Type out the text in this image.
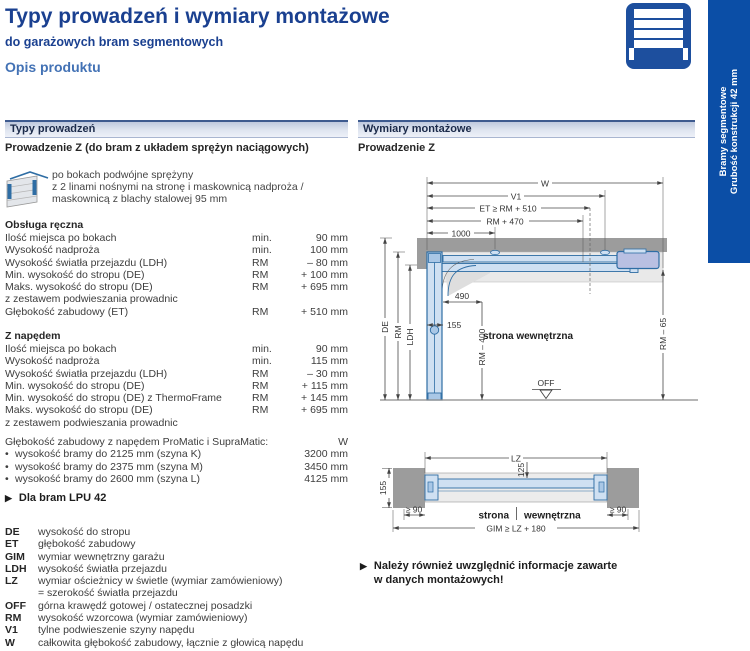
Typy prowadzeń i wymiary montażowe
do garażowych bram segmentowych
Opis produktu
Bramy segmentowe Grubość konstrukcji 42 mm
Typy prowadzeń
Prowadzenie Z (do bram z układem sprężyn naciągowych)
po bokach podwójne sprężyny
z 2 linami nośnymi na stronę i maskownicą nadproża /
maskownicą z blachy stalowej 95 mm
Obsługa ręczna
Ilość miejsca po bokach	min.	90 mm
Wysokość nadproża	min.	100 mm
Wysokość światła przejazdu (LDH)	RM	– 80 mm
Min. wysokość do stropu (DE)	RM	+ 100 mm
Maks. wysokość do stropu (DE)	RM	+ 695 mm
z zestawem podwieszania prowadnic
Głębokość zabudowy (ET)	RM	+ 510 mm
Z napędem
Ilość miejsca po bokach	min.	90 mm
Wysokość nadproża	min.	115 mm
Wysokość światła przejazdu (LDH)	RM	– 30 mm
Min. wysokość do stropu (DE)	RM	+ 115 mm
Min. wysokość do stropu (DE) z ThermoFrame	RM	+ 145 mm
Maks. wysokość do stropu (DE)	RM	+ 695 mm
z zestawem podwieszania prowadnic
Głębokość zabudowy z napędem ProMatic i SupraMatic:	W
• wysokość bramy do 2125 mm (szyna K)	3200 mm
• wysokość bramy do 2375 mm (szyna M)	3450 mm
• wysokość bramy do 2600 mm (szyna L)	4125 mm
▶ Dla bram LPU 42
DE	wysokość do stropu
ET	głębokość zabudowy
GIM	wymiar wewnętrzny garażu
LDH	wysokość światła przejazdu
LZ	wymiar ościeżnicy w świetle (wymiar zamówieniowy)
= szerokość światła przejazdu
OFF	górna krawędź gotowej / ostatecznej posadzki
RM	wysokość wzorcowa (wymiar zamówieniowy)
V1	tylne podwieszenie szyny napędu
W	całkowita głębokość zabudowy, łącznie z głowicą napędu
Wymiary montażowe
Prowadzenie Z
W
V1
ET ≥ RM + 510
RM + 470
1000
DE RM LDH
490
155
RM – 400	RM – 65
strona wewnętrzna
OFF
LZ
125
155
≥ 90	≥ 90
strona wewnętrzna
GIM ≥ LZ + 180
▶ Należy również uwzględnić informacje zawarte
w danych montażowych!
